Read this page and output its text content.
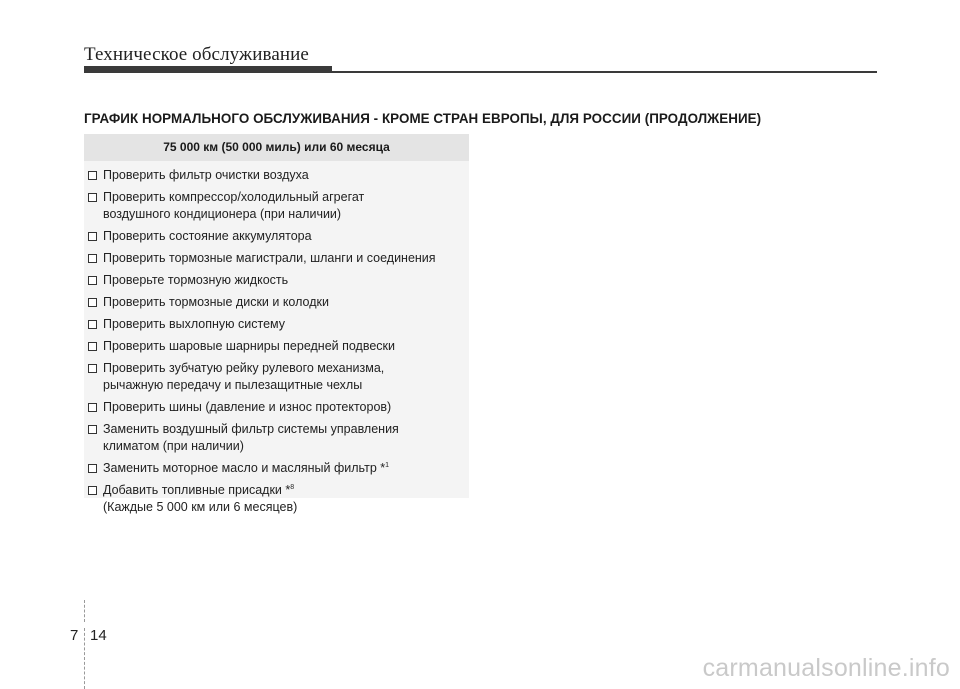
Техническое обслуживание
ГРАФИК НОРМАЛЬНОГО ОБСЛУЖИВАНИЯ - КРОМЕ СТРАН ЕВРОПЫ, ДЛЯ РОССИИ (ПРОДОЛЖЕНИЕ)
75 000 км (50 000 миль) или 60 месяца
Проверить фильтр очистки воздуха
Проверить компрессор/холодильный агрегат
воздушного кондиционера (при наличии)
Проверить состояние аккумулятора
Проверить тормозные магистрали, шланги и соединения
Проверьте тормозную жидкость
Проверить тормозные диски и колодки
Проверить выхлопную систему
Проверить шаровые шарниры передней подвески
Проверить зубчатую рейку рулевого механизма,
рычажную передачу и пылезащитные чехлы
Проверить шины (давление и износ протекторов)
Заменить воздушный фильтр системы управления
климатом (при наличии)
Заменить моторное масло и масляный фильтр *$^1$
Добавить топливные присадки *$^8$
(Каждые 5 000 км или 6 месяцев)
7 14
carmanualsonline.info
